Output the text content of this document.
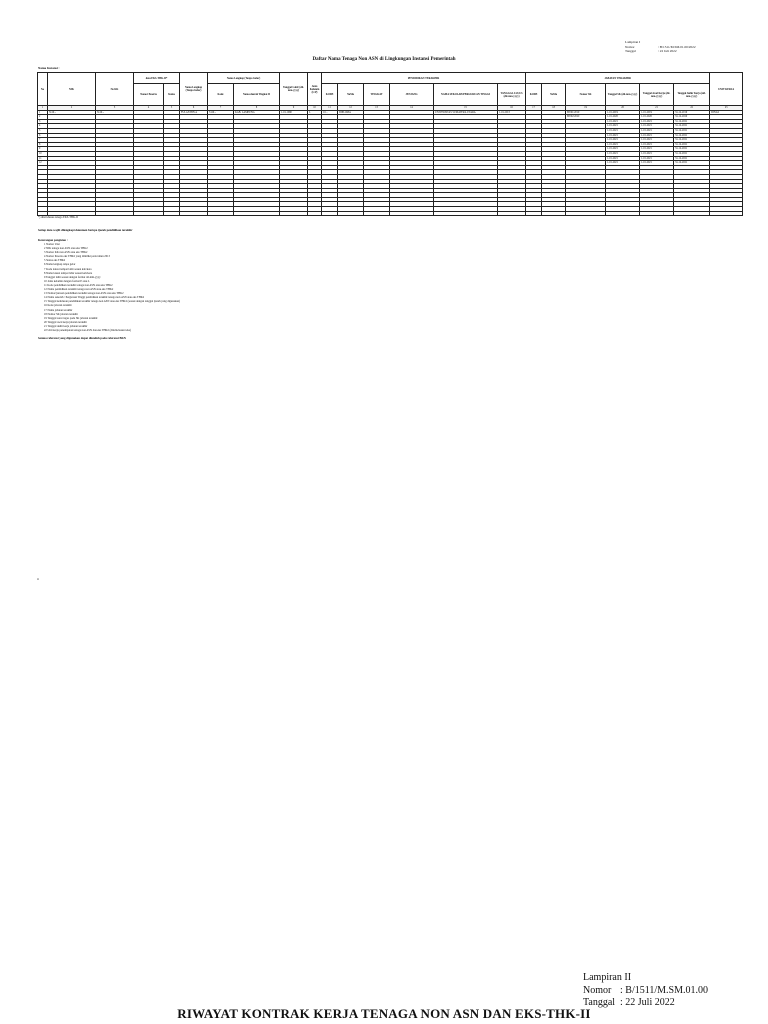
Lampiran I
Nomor	: B/1511/M.SM.01.00/2022
Tanggal	: 22 Juli 2022
Daftar Nama Tenaga Non ASN di Lingkungan Instansi Pemerintah
Nama Instansi :
No	NIK	No KK	data EKS-THK-II*		Nama Lengkap (Tanpa Gelar)	Nama Lengkap (Tanpa Gelar)		Tanggal Lahir (dd-mm-yyyy)	Jenis Kelamin (L/P)	PENDIDIKAN TERAKHIR						JABATAN TERAKHIR						UNIT KERJA
			Nomor Peserta	Status		Kode	Nama daerah Tingkat II			KODE	NaMa	TINGKAT	JENJANG	NAMA SEKOLAH/PERGURUAN TINGGI	TANGGAL LULUS (dd-mm-yyyy)	KODE	NaMa	Nomor SK	Tanggal SK (dd-mm-yyyy)	Tanggal Awal Kerja (dd-mm-yyyy)	Tanggal Akhir Kerja (dd-mm-yyyy)	
1	2	3	4	5	6	7	8	9	10	11	12	13	14	15	16	17	18	19	20	21	22	23
1	3120...	3120...			FULAN BIN A	3120...	KAB. LAMPUNG	1-01-1990	L	10...	DIPLOMA			UNIVERSITAS SUMATERA UTARA	1-01-2013			B/001/2019	1-01-2019	1-01-2019	31-12-2019	DINAS
2																		B/002/2020	1-01-2020	1-01-2020	31-12-2020	
3																			1-01-2021	1-01-2021	31-12-2021	
4																			1-01-2021	1-01-2021	31-12-2021	
5																			1-01-2021	1-01-2021	31-12-2021	
6																			1-01-2021	1-01-2021	31-12-2021	
7																			1-01-2021	1-01-2021	31-12-2021	
8																			1-01-2021	1-01-2021	31-12-2021	
9																			1-01-2021	1-01-2021	31-12-2021	
10																			1-01-2021	1-01-2021	31-12-2021	
11																			1-01-2021	1-01-2021	31-12-2021	
12																			1-01-2021	1-01-2021	31-12-2021	

*) diisi khusus tenaga EKS-THK-II
Setiap data wajib dilengkapi dokumen berupa ijazah pendidikan terakhir
Keterangan pengisian :
1 Nomor Urut
2 NIK tenaga non ASN atau eks THK2
3 Nomor KK non ASN atau eks THK2
4 Nomor Peserta eks THK2 yang dimiliki pada tahun 2013
5 Status eks THK2
6 Nama lengkap tanpa gelar
7 Kode lokasi tempat lahir sesuai kab/kota
8 Nama lokasi tempat lahir sesuai kab/kota
9 Tanggal lahir sesuai dengan format dd-mm-yyyy
10 Jenis kelamin dengan format P atau L
11 Kode pendidikan terakhir tenaga non ASN atau eks THK2
12 Nama pendidikan terakhir tenaga non ASN atau eks THK2
13 Nomor/jurusan pendidikan terakhir tenaga non ASN atau eks THK2
14 Nama sekolah / Perguruan Tinggi pendidikan terakhir tenaga non ASN atau eks THK2
15 Tanggal kelulusan pendidikan terakhir tenaga non ASN atau eks THK2 (sesuai dengan tanggal ijazah yang digunakan)
16 Kode jabatan terakhir
17 Nama jabatan terakhir
18 Nomor SK jabatan terakhir
19 Tanggal surat tugas pada SK jabatan terakhir
20 Tanggal awal kerja jabatan terakhir
21 Tanggal akhir kerja jabatan terakhir
22 Unit kerja penempatan tenaga non ASN dan eks THK2 (ditulis/susun teks)
Semua referensi yang digunakan dapat diunduh pada referensi BKN
ii
Lampiran II
Nomor : B/1511/M.SM.01.00
Tanggal : 22 Juli 2022
RIWAYAT KONTRAK KERJA TENAGA NON ASN DAN EKS-THK-II
